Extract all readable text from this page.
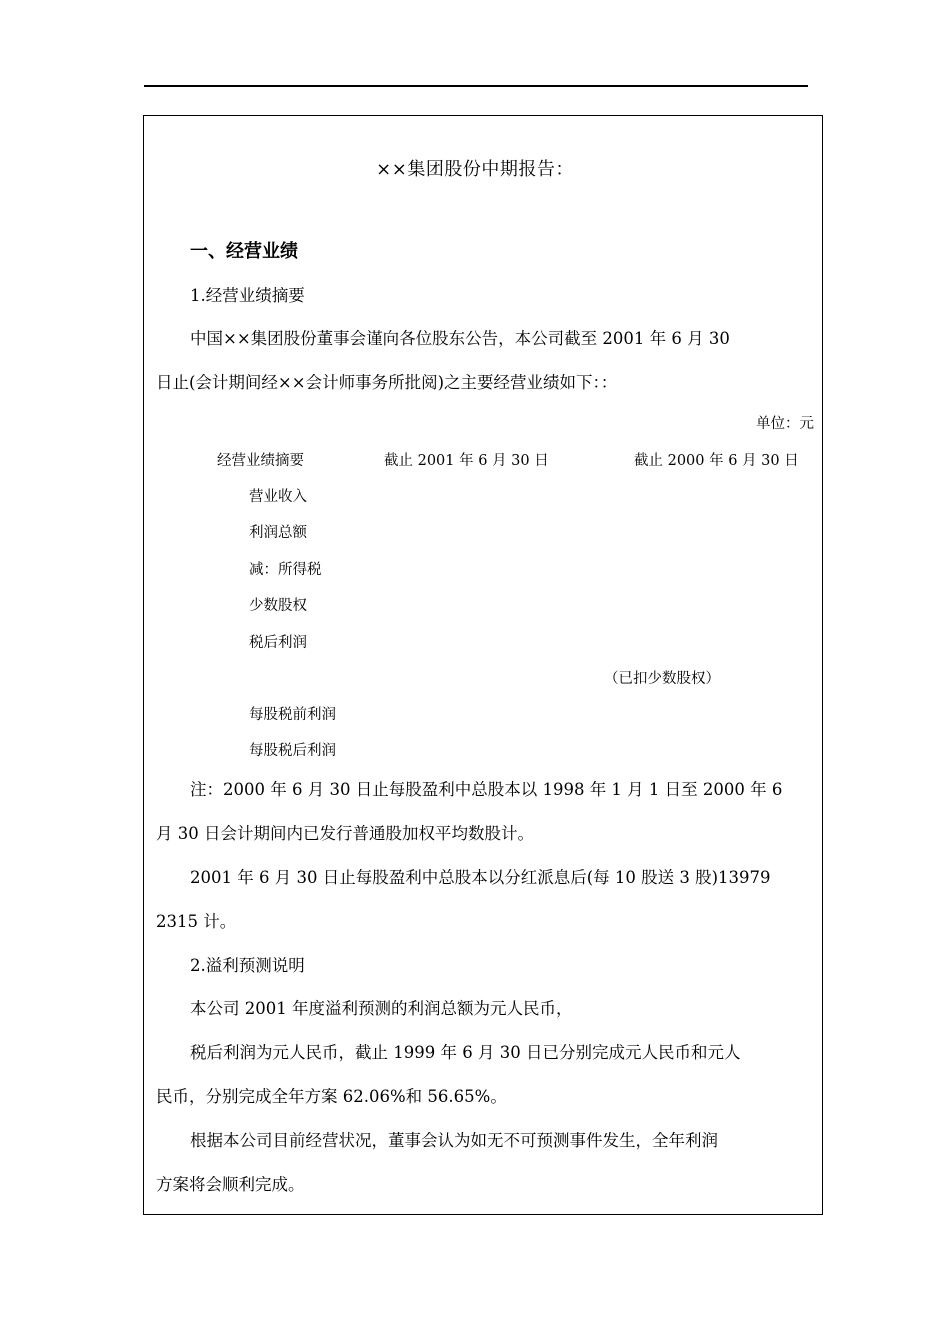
××集团股份中期报告：
一、经营业绩
1.经营业绩摘要
中国××集团股份董事会谨向各位股东公告，本公司截至 2001 年 6 月 30
日止(会计期间经××会计师事务所批阅)之主要经营业绩如下：：
单位：元
经营业绩摘要	截止 2001 年 6 月 30 日	截止 2000 年 6 月 30 日
营业收入
利润总额
减：所得税
少数股权
税后利润
（已扣少数股权）
每股税前利润
每股税后利润
注：2000 年 6 月 30 日止每股盈利中总股本以 1998 年 1 月 1 日至 2000 年 6
月 30 日会计期间内已发行普通股加权平均数股计。
2001 年 6 月 30 日止每股盈利中总股本以分红派息后(每 10 股送 3 股)13979
2315 计。
2.溢利预测说明
本公司 2001 年度溢利预测的利润总额为元人民币，
税后利润为元人民币，截止 1999 年 6 月 30 日已分别完成元人民币和元人
民币，分别完成全年方案 62.06%和 56.65%。
根据本公司目前经营状况，董事会认为如无不可预测事件发生，全年利润
方案将会顺利完成。
